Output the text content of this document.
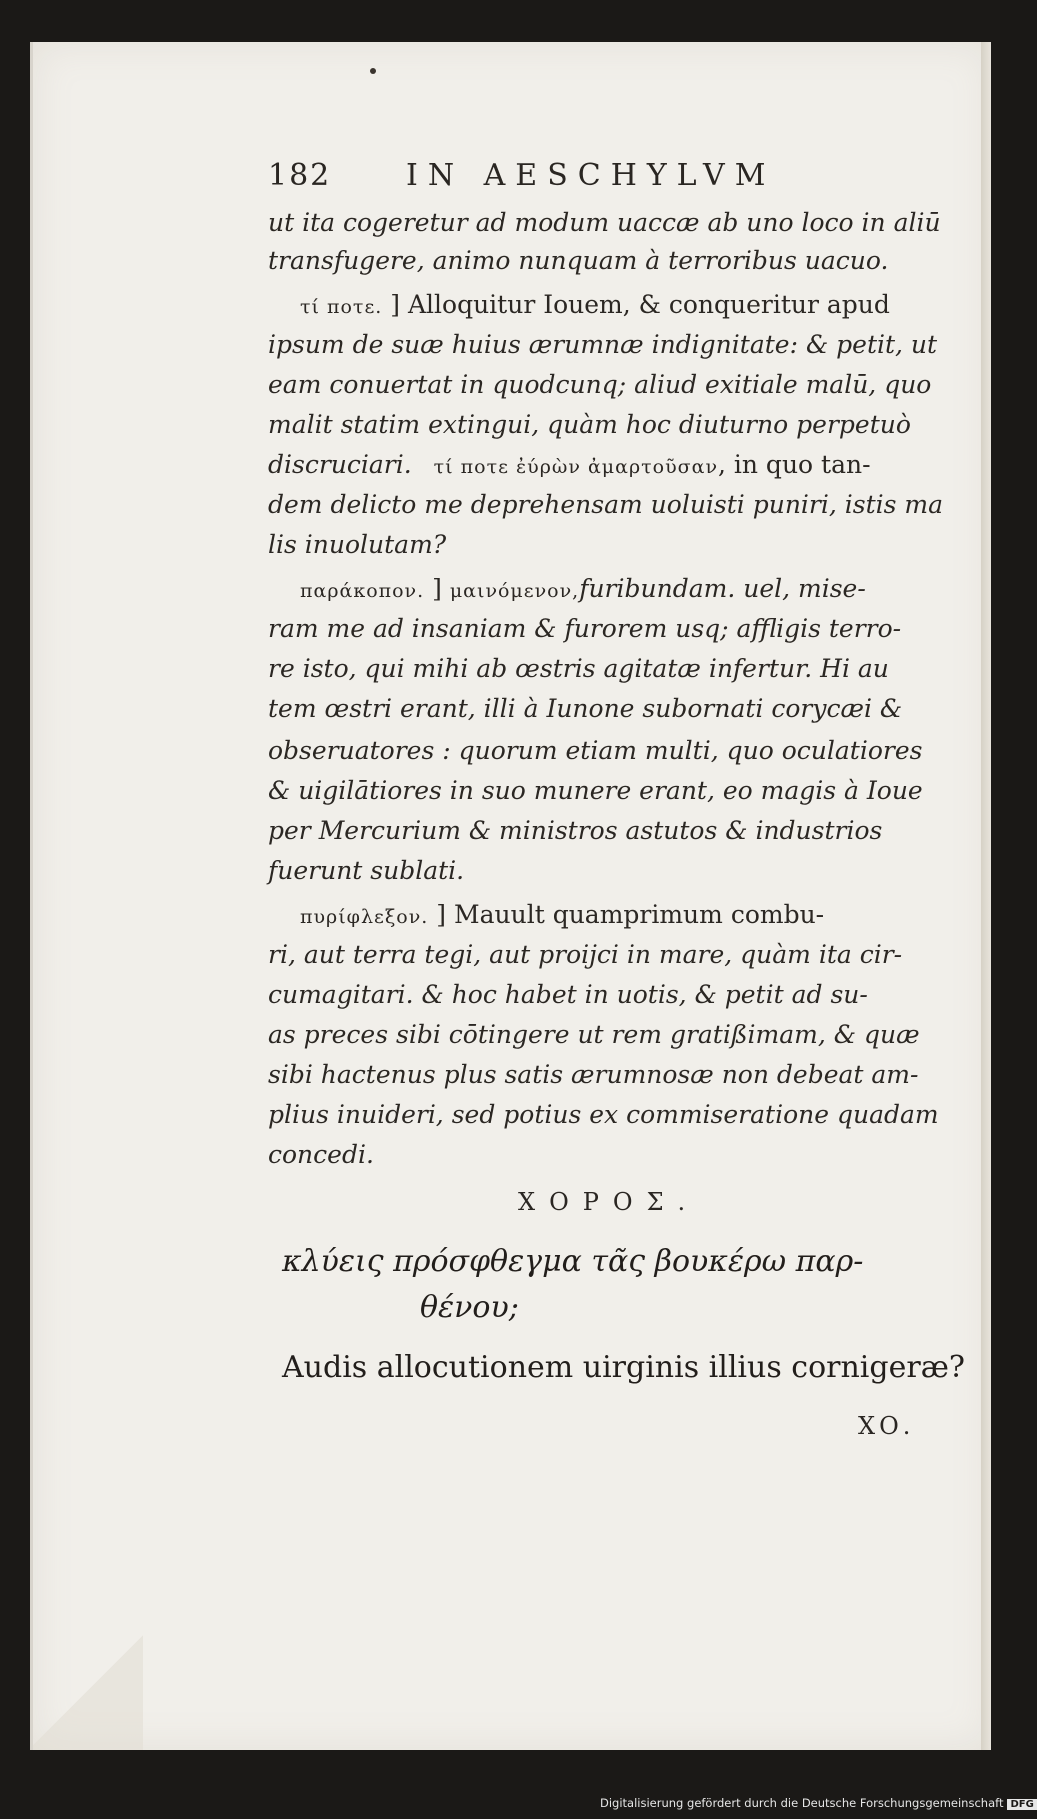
182 IN AESCHYLVM
ut ita cogeretur ad modum uaccæ ab uno loco in aliū
transfugere, animo nunquam à terroribus uacuo.
τί ποτε. ] Alloquitur Iouem, & conqueritur apud
ipsum de suæ huius ærumnæ indignitate: & petit, ut
eam conuertat in quodcunq; aliud exitiale malū, quo
malit statim extingui, quàm hoc diuturno perpetuò
discruciari. τί ποτε ἐύρὼν ἀμαρτοῦσαν, in quo tan-
dem delicto me deprehensam uoluisti puniri, istis ma
lis inuolutam?
παράκοπον. ] μαινόμενον,furibundam. uel, mise-
ram me ad insaniam & furorem usq; affligis terro-
re isto, qui mihi ab œstris agitatæ infertur. Hi au
tem œstri erant, illi à Iunone subornati corycæi &
obseruatores : quorum etiam multi, quo oculatiores
& uigilātiores in suo munere erant, eo magis à Ioue
per Mercurium & ministros astutos & industrios
fuerunt sublati.
πυρίφλεξον. ] Mauult quamprimum combu-
ri, aut terra tegi, aut proijci in mare, quàm ita cir-
cumagitari. & hoc habet in uotis, & petit ad su-
as preces sibi cōtingere ut rem gratißimam, & quæ
sibi hactenus plus satis ærumnosæ non debeat am-
plius inuideri, sed potius ex commiseratione quadam
concedi.
ΧΟΡΟΣ.
κλύεις πρόσφθεγμα τᾶς βουκέρω παρ-
θένου;
Audis allocutionem uirginis illius cornigeræ?
ΧΟ.
Digitalisierung gefördert durch die Deutsche Forschungsgemeinschaft DFG
